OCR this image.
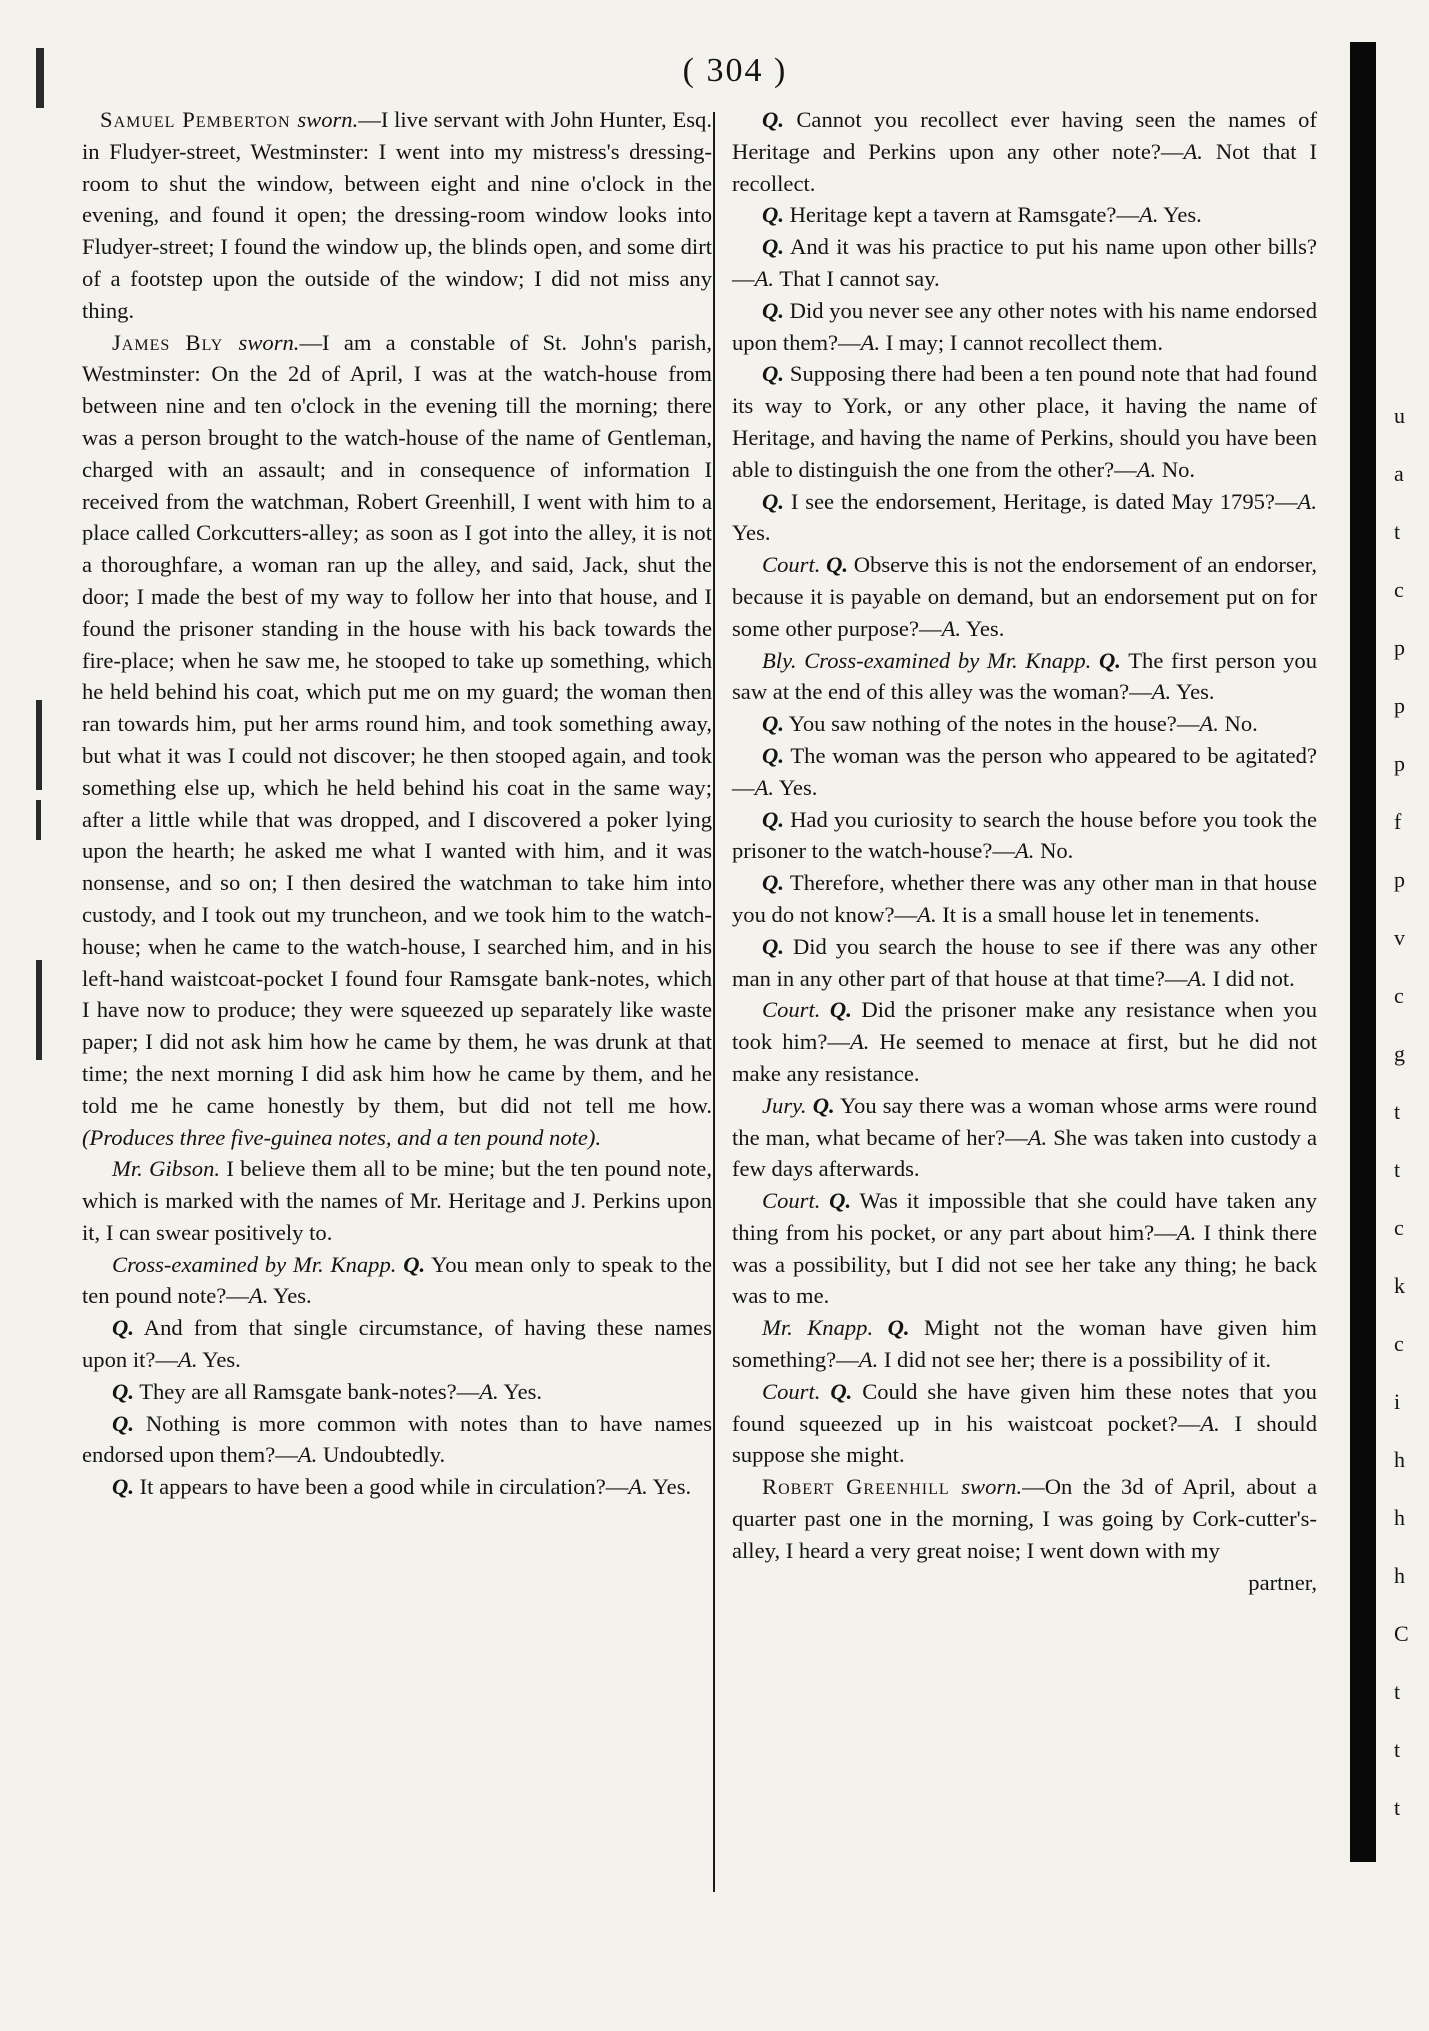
( 304 )

Samuel Pemberton sworn.—I live servant with John Hunter, Esq. in Fludyer-street, Westminster: I went into my mistress's dressing-room to shut the window, between eight and nine o'clock in the evening, and found it open; the dressing-room window looks into Fludyer-street; I found the window up, the blinds open, and some dirt of a footstep upon the outside of the window; I did not miss any thing.

James Bly sworn.—I am a constable of St. John's parish, Westminster: On the 2d of April, I was at the watch-house from between nine and ten o'clock in the evening till the morning; there was a person brought to the watch-house of the name of Gentleman, charged with an assault; and in consequence of information I received from the watchman, Robert Greenhill, I went with him to a place called Corkcutters-alley; as soon as I got into the alley, it is not a thoroughfare, a woman ran up the alley, and said, Jack, shut the door; I made the best of my way to follow her into that house, and I found the prisoner standing in the house with his back towards the fire-place; when he saw me, he stooped to take up something, which he held behind his coat, which put me on my guard; the woman then ran towards him, put her arms round him, and took something away, but what it was I could not discover; he then stooped again, and took something else up, which he held behind his coat in the same way; after a little while that was dropped, and I discovered a poker lying upon the hearth; he asked me what I wanted with him, and it was nonsense, and so on; I then desired the watchman to take him into custody, and I took out my truncheon, and we took him to the watch-house; when he came to the watch-house, I searched him, and in his left-hand waistcoat-pocket I found four Ramsgate bank-notes, which I have now to produce; they were squeezed up separately like waste paper; I did not ask him how he came by them, he was drunk at that time; the next morning I did ask him how he came by them, and he told me he came honestly by them, but did not tell me how. (Produces three five-guinea notes, and a ten pound note).

Mr. Gibson. I believe them all to be mine; but the ten pound note, which is marked with the names of Mr. Heritage and J. Perkins upon it, I can swear positively to.

Cross-examined by Mr. Knapp. Q. You mean only to speak to the ten pound note?—A. Yes.

Q. And from that single circumstance, of having these names upon it?—A. Yes.

Q. They are all Ramsgate bank-notes?—A. Yes.

Q. Nothing is more common with notes than to have names endorsed upon them?—A. Undoubtedly.

Q. It appears to have been a good while in circulation?—A. Yes.

Q. Cannot you recollect ever having seen the names of Heritage and Perkins upon any other note?—A. Not that I recollect.

Q. Heritage kept a tavern at Ramsgate?—A. Yes.

Q. And it was his practice to put his name upon other bills?—A. That I cannot say.

Q. Did you never see any other notes with his name endorsed upon them?—A. I may; I cannot recollect them.

Q. Supposing there had been a ten pound note that had found its way to York, or any other place, it having the name of Heritage, and having the name of Perkins, should you have been able to distinguish the one from the other?—A. No.

Q. I see the endorsement, Heritage, is dated May 1795?—A. Yes.

Court. Q. Observe this is not the endorsement of an endorser, because it is payable on demand, but an endorsement put on for some other purpose?—A. Yes.

Bly. Cross-examined by Mr. Knapp. Q. The first person you saw at the end of this alley was the woman?—A. Yes.

Q. You saw nothing of the notes in the house?—A. No.

Q. The woman was the person who appeared to be agitated?—A. Yes.

Q. Had you curiosity to search the house before you took the prisoner to the watch-house?—A. No.

Q. Therefore, whether there was any other man in that house you do not know?—A. It is a small house let in tenements.

Q. Did you search the house to see if there was any other man in any other part of that house at that time?—A. I did not.

Court. Q. Did the prisoner make any resistance when you took him?—A. He seemed to menace at first, but he did not make any resistance.

Jury. Q. You say there was a woman whose arms were round the man, what became of her?—A. She was taken into custody a few days afterwards.

Court. Q. Was it impossible that she could have taken any thing from his pocket, or any part about him?—A. I think there was a possibility, but I did not see her take any thing; he back was to me.

Mr. Knapp. Q. Might not the woman have given him something?—A. I did not see her; there is a possibility of it.

Court. Q. Could she have given him these notes that you found squeezed up in his waistcoat pocket?—A. I should suppose she might.

Robert Greenhill sworn.—On the 3d of April, about a quarter past one in the morning, I was going by Cork-cutter's-alley, I heard a very great noise; I went down with my

partner,
u
a
t
c
p
p
p
f
p
v
c
g
t
t
c
k
c
i
h
h
h
C
t
t
t
